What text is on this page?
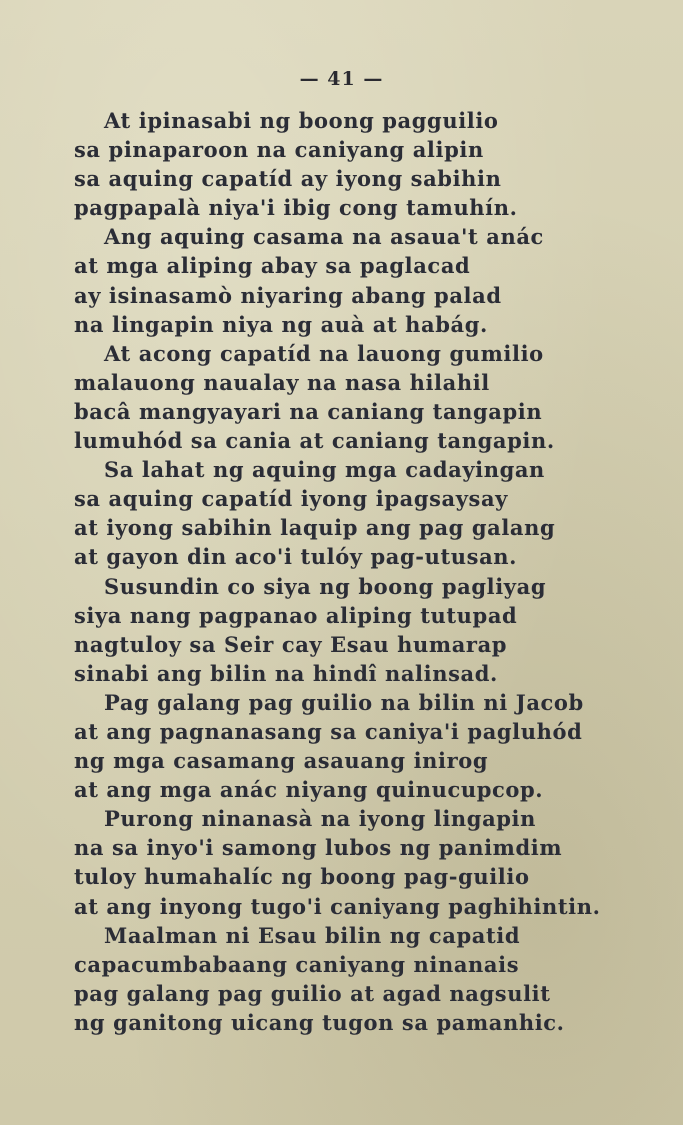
— 41 —
At ipinasabi ng boong pagguilio
sa pinaparoon na caniyang alipin
sa aquing capatíd ay iyong sabihin
pagpapalà niya'i ibig cong tamuhín.
Ang aquing casama na asaua't anác
at mga aliping abay sa paglacad
ay isinasamò niyaring abang palad
na lingapin niya ng auà at habág.
At acong capatíd na lauong gumilio
malauong naualay na nasa hilahil
bacâ mangyayari na caniang tangapin
lumuhód sa cania at caniang tangapin.
Sa lahat ng aquing mga cadayingan
sa aquing capatíd iyong ipagsaysay
at iyong sabihin laquip ang pag galang
at gayon din aco'i tulóy pag-utusan.
Susundin co siya ng boong pagliyag
siya nang pagpanao aliping tutupad
nagtuloy sa Seir cay Esau humarap
sinabi ang bilin na hindî nalinsad.
Pag galang pag guilio na bilin ni Jacob
at ang pagnanasang sa caniya'i pagluhód
ng mga casamang asauang inirog
at ang mga anác niyang quinucupcop.
Purong ninanasà na iyong lingapin
na sa inyo'i samong lubos ng panimdim
tuloy humahalíc ng boong pag-guilio
at ang inyong tugo'i caniyang paghihintin.
Maalman ni Esau bilin ng capatid
capacumbabaang caniyang ninanais
pag galang pag guilio at agad nagsulit
ng ganitong uicang tugon sa pamanhic.
